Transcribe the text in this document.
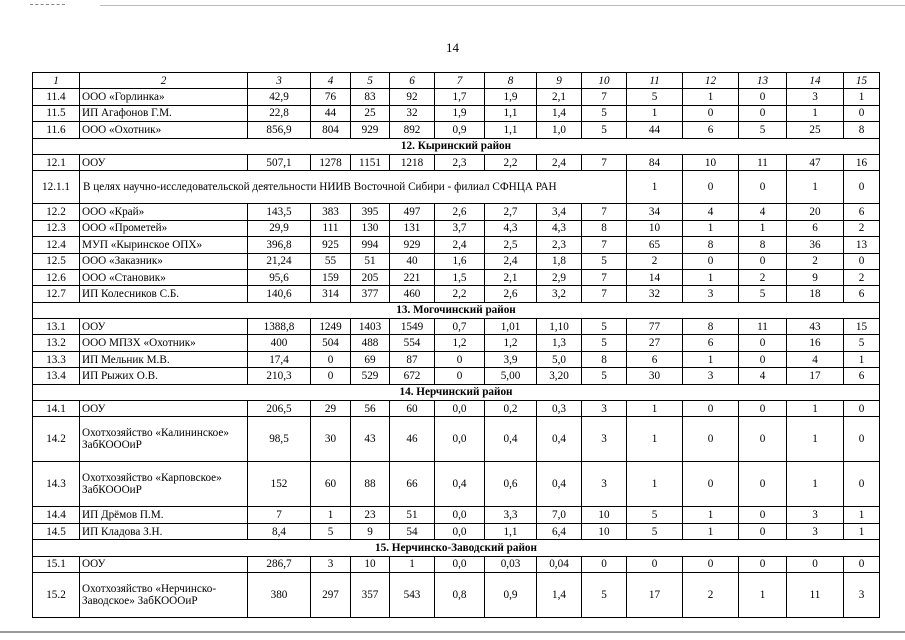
14
1	2	3	4	5	6	7	8	9	10	11	12	13	14	15
11.4	ООО «Горлинка»	42,9	76	83	92	1,7	1,9	2,1	7	5	1	0	3	1
11.5	ИП Агафонов Г.М.	22,8	44	25	32	1,9	1,1	1,4	5	1	0	0	1	0
11.6	ООО «Охотник»	856,9	804	929	892	0,9	1,1	1,0	5	44	6	5	25	8
12. Кыринский район														
12.1	ООУ	507,1	1278	1151	1218	2,3	2,2	2,4	7	84	10	11	47	16
12.1.1	В целях научно-исследовательской деятельности НИИВ Восточной Сибири - филиал СФНЦА РАН									1	0	0	1	0
12.2	ООО «Край»	143,5	383	395	497	2,6	2,7	3,4	7	34	4	4	20	6
12.3	ООО «Прометей»	29,9	111	130	131	3,7	4,3	4,3	8	10	1	1	6	2
12.4	МУП «Кыринское ОПХ»	396,8	925	994	929	2,4	2,5	2,3	7	65	8	8	36	13
12.5	ООО «Заказник»	21,24	55	51	40	1,6	2,4	1,8	5	2	0	0	2	0
12.6	ООО «Становик»	95,6	159	205	221	1,5	2,1	2,9	7	14	1	2	9	2
12.7	ИП Колесников С.Б.	140,6	314	377	460	2,2	2,6	3,2	7	32	3	5	18	6
13. Могочинский район														
13.1	ООУ	1388,8	1249	1403	1549	0,7	1,01	1,10	5	77	8	11	43	15
13.2	ООО МПЗХ «Охотник»	400	504	488	554	1,2	1,2	1,3	5	27	6	0	16	5
13.3	ИП Мельник М.В.	17,4	0	69	87	0	3,9	5,0	8	6	1	0	4	1
13.4	ИП Рыжих О.В.	210,3	0	529	672	0	5,00	3,20	5	30	3	4	17	6
14. Нерчинский район														
14.1	ООУ	206,5	29	56	60	0,0	0,2	0,3	3	1	0	0	1	0
14.2	Охотхозяйство «Калининское» ЗабКОООиР	98,5	30	43	46	0,0	0,4	0,4	3	1	0	0	1	0
14.3	Охотхозяйство «Карповское» ЗабКОООиР	152	60	88	66	0,4	0,6	0,4	3	1	0	0	1	0
14.4	ИП Дрёмов П.М.	7	1	23	51	0,0	3,3	7,0	10	5	1	0	3	1
14.5	ИП Кладова З.Н.	8,4	5	9	54	0,0	1,1	6,4	10	5	1	0	3	1
15. Нерчинско-Заводский район														
15.1	ООУ	286,7	3	10	1	0,0	0,03	0,04	0	0	0	0	0	0
15.2	Охотхозяйство «Нерчинско-Заводское» ЗабКОООиР	380	297	357	543	0,8	0,9	1,4	5	17	2	1	11	3
